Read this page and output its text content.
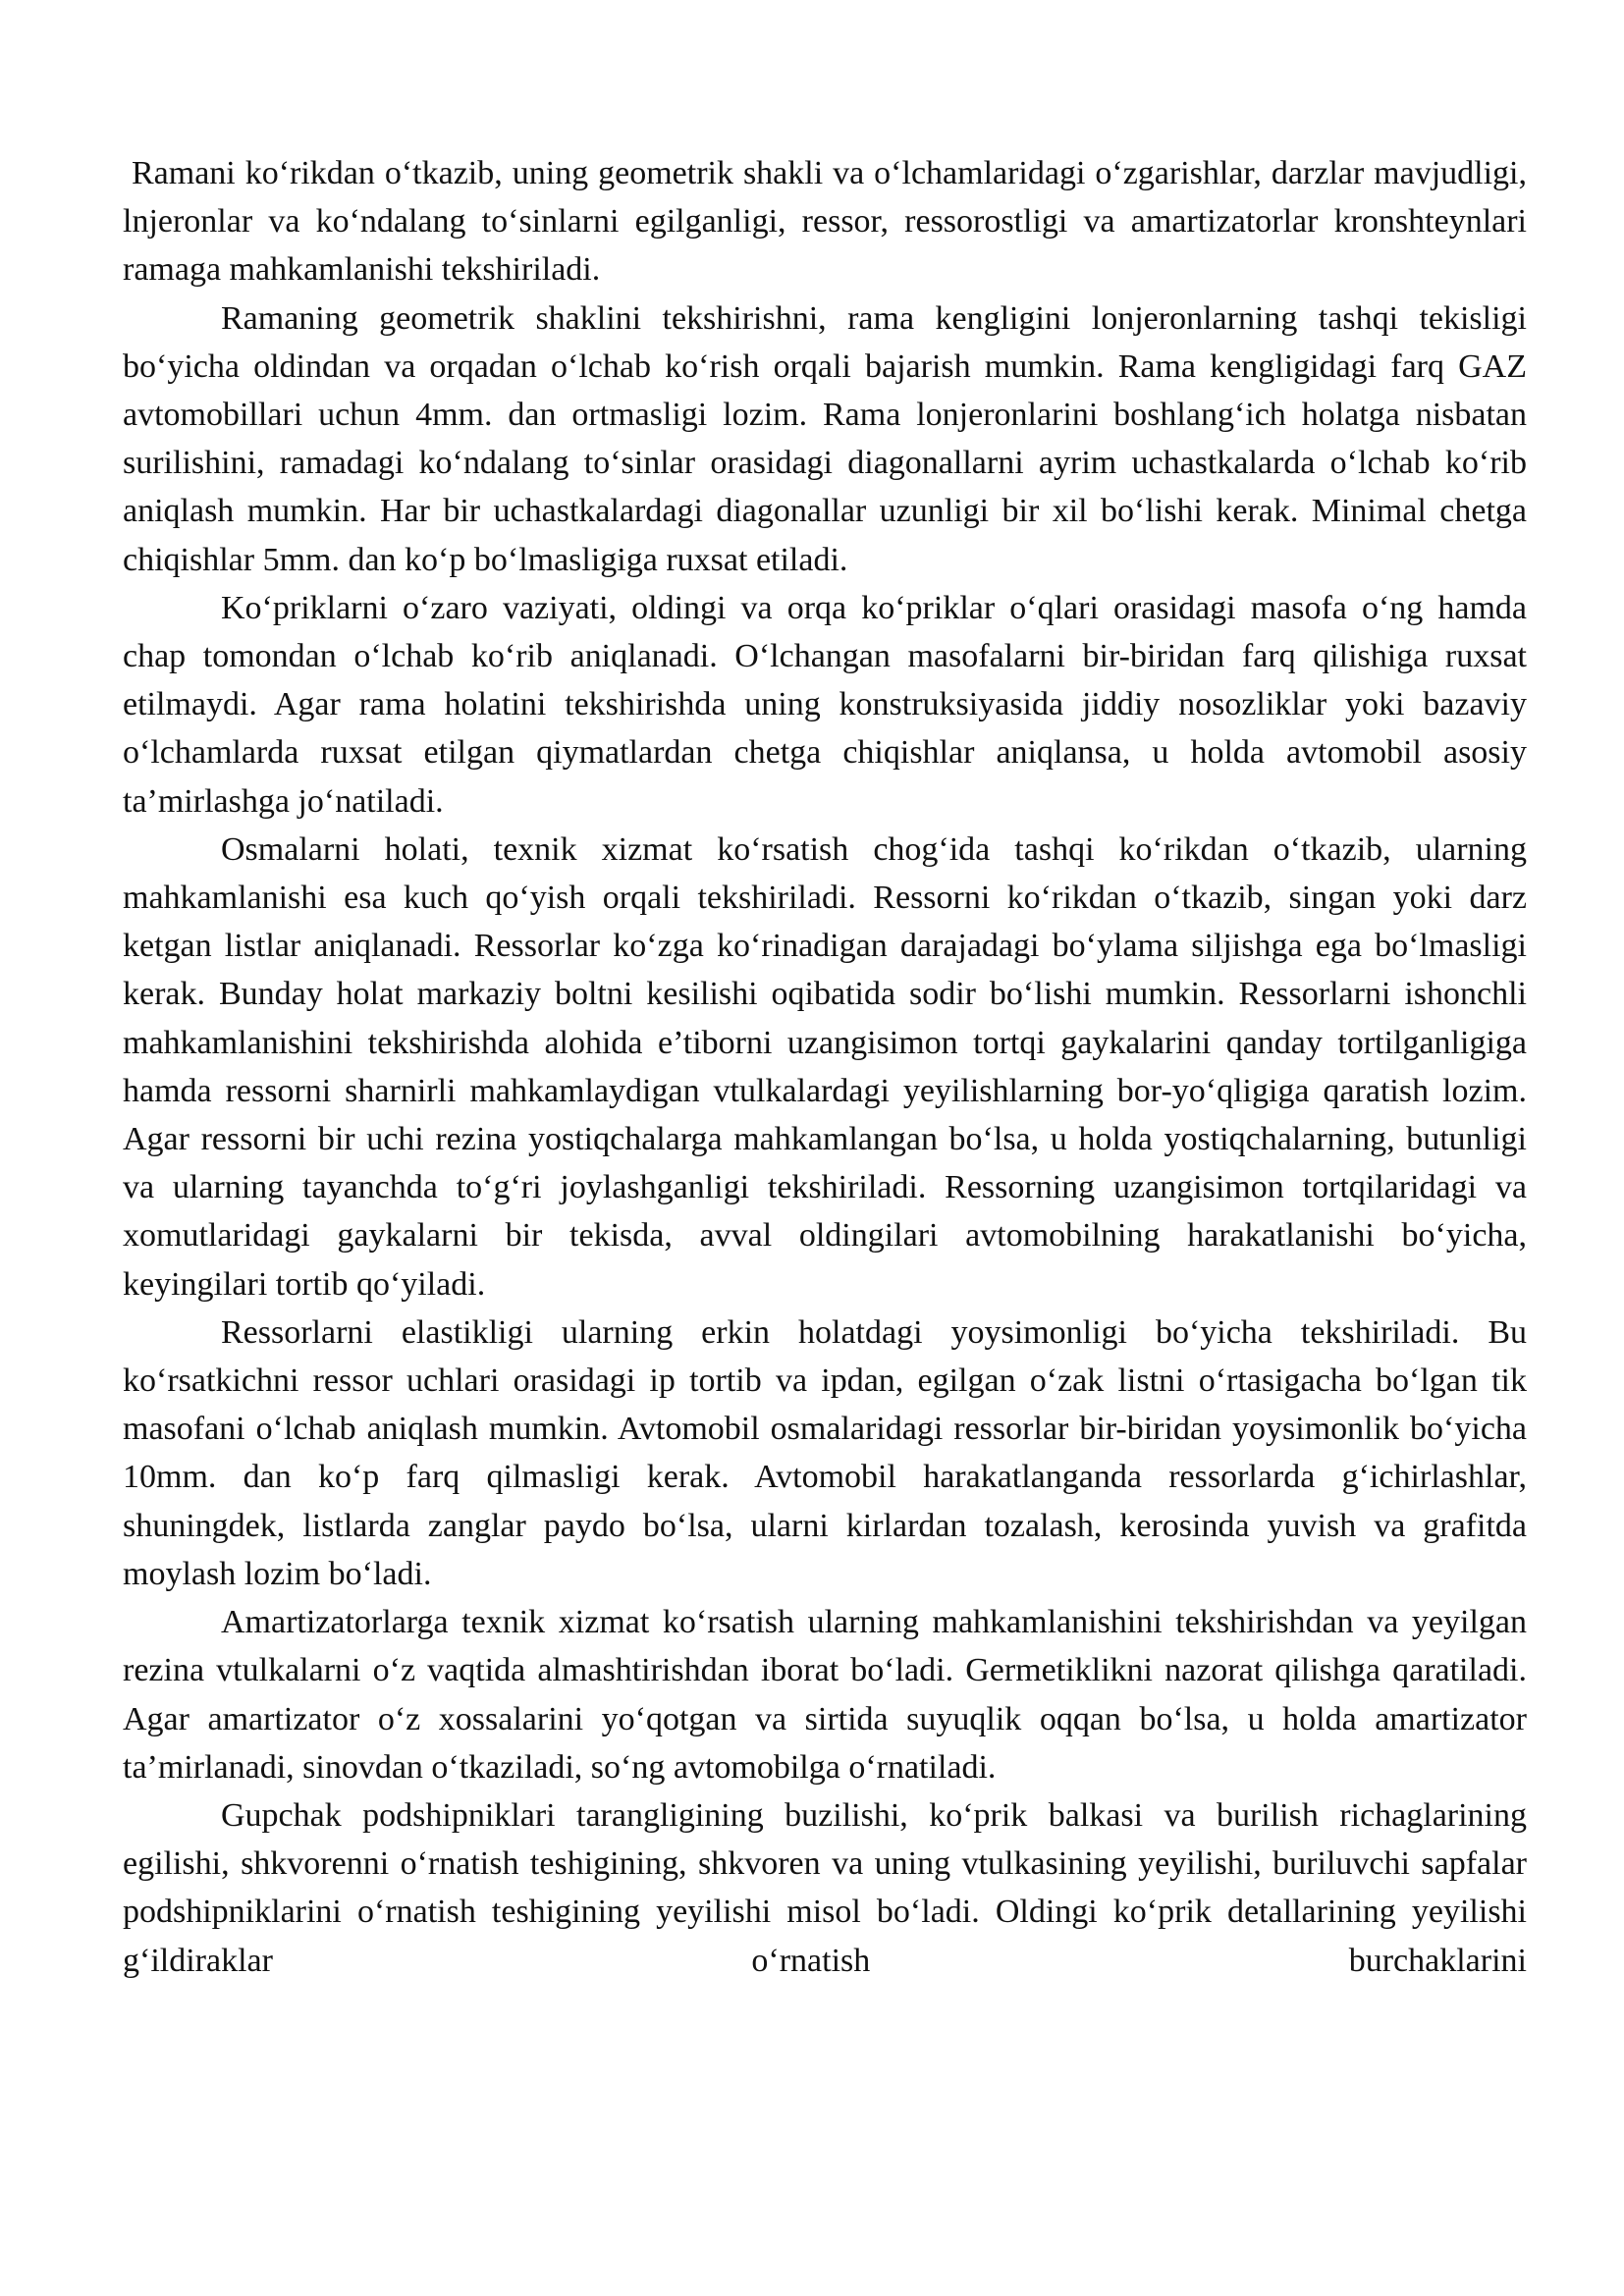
Ramani ko‘rikdan o‘tkazib, uning geometrik shakli va o‘lchamlaridagi o‘zgarishlar, darzlar mavjudligi, lnjeronlar va ko‘ndalang to‘sinlarni egilganligi, ressor, ressorostligi va amartizatorlar kronshteynlari ramaga mahkamlanishi tekshiriladi.

Ramaning geometrik shaklini tekshirishni, rama kengligini lonjeronlarning tashqi tekisligi bo‘yicha oldindan va orqadan o‘lchab ko‘rish orqali bajarish mumkin. Rama kengligidagi farq GAZ avtomobillari uchun 4mm. dan ortmasligi lozim. Rama lonjeronlarini boshlang‘ich holatga nisbatan surilishini, ramadagi ko‘ndalang to‘sinlar orasidagi diagonallarni ayrim uchastkalarda o‘lchab ko‘rib aniqlash mumkin. Har bir uchastkalardagi diagonallar uzunligi bir xil bo‘lishi kerak. Minimal chetga chiqishlar 5mm. dan ko‘p bo‘lmasligiga ruxsat etiladi.

Ko‘priklarni o‘zaro vaziyati, oldingi va orqa ko‘priklar o‘qlari orasidagi masofa o‘ng hamda chap tomondan o‘lchab ko‘rib aniqlanadi. O‘lchangan masofalarni bir-biridan farq qilishiga ruxsat etilmaydi. Agar rama holatini tekshirishda uning konstruksiyasida jiddiy nosozliklar yoki bazaviy o‘lchamlarda ruxsat etilgan qiymatlardan chetga chiqishlar aniqlansa, u holda avtomobil asosiy ta’mirlashga jo‘natiladi.

Osmalarni holati, texnik xizmat ko‘rsatish chog‘ida tashqi ko‘rikdan o‘tkazib, ularning mahkamlanishi esa kuch qo‘yish orqali tekshiriladi. Ressorni ko‘rikdan o‘tkazib, singan yoki darz ketgan listlar aniqlanadi. Ressorlar ko‘zga ko‘rinadigan darajadagi bo‘ylama siljishga ega bo‘lmasligi kerak. Bunday holat markaziy boltni kesilishi oqibatida sodir bo‘lishi mumkin. Ressorlarni ishonchli mahkamlanishini tekshirishda alohida e’tiborni uzangisimon tortqi gaykalarini qanday tortilganligiga hamda ressorni sharnirli mahkamlaydigan vtulkalardagi yeyilishlarning bor-yo‘qligiga qaratish lozim. Agar ressorni bir uchi rezina yostiqchalarga mahkamlangan bo‘lsa, u holda yostiqchalarning, butunligi va ularning tayanchda to‘g‘ri joylashganligi tekshiriladi. Ressorning uzangisimon tortqilaridagi va xomutlaridagi gaykalarni bir tekisda, avval oldingilari avtomobilning harakatlanishi bo‘yicha, keyingilari tortib qo‘yiladi.

Ressorlarni elastikligi ularning erkin holatdagi yoysimonligi bo‘yicha tekshiriladi. Bu ko‘rsatkichni ressor uchlari orasidagi ip tortib va ipdan, egilgan o‘zak listni o‘rtasigacha bo‘lgan tik masofani o‘lchab aniqlash mumkin. Avtomobil osmalaridagi ressorlar bir-biridan yoysimonlik bo‘yicha 10mm. dan ko‘p farq qilmasligi kerak. Avtomobil harakatlanganda ressorlarda g‘ichirlashlar, shuningdek, listlarda zanglar paydo bo‘lsa, ularni kirlardan tozalash, kerosinda yuvish va grafitda moylash lozim bo‘ladi.

Amartizatorlarga texnik xizmat ko‘rsatish ularning mahkamlanishini tekshirishdan va yeyilgan rezina vtulkalarni o‘z vaqtida almashtirishdan iborat bo‘ladi. Germetiklikni nazorat qilishga qaratiladi. Agar amartizator o‘z xossalarini yo‘qotgan va sirtida suyuqlik oqqan bo‘lsa, u holda amartizator ta’mirlanadi, sinovdan o‘tkaziladi, so‘ng avtomobilga o‘rnatiladi.

Gupchak podshipniklari tarangligining buzilishi, ko‘prik balkasi va burilish richaglarining egilishi, shkvorenni o‘rnatish teshigining, shkvoren va uning vtulkasining yeyilishi, buriluvchi sapfalar podshipniklarini o‘rnatish teshigining yeyilishi misol bo‘ladi. Oldingi ko‘prik detallarining yeyilishi g‘ildiraklar o‘rnatish burchaklarini
